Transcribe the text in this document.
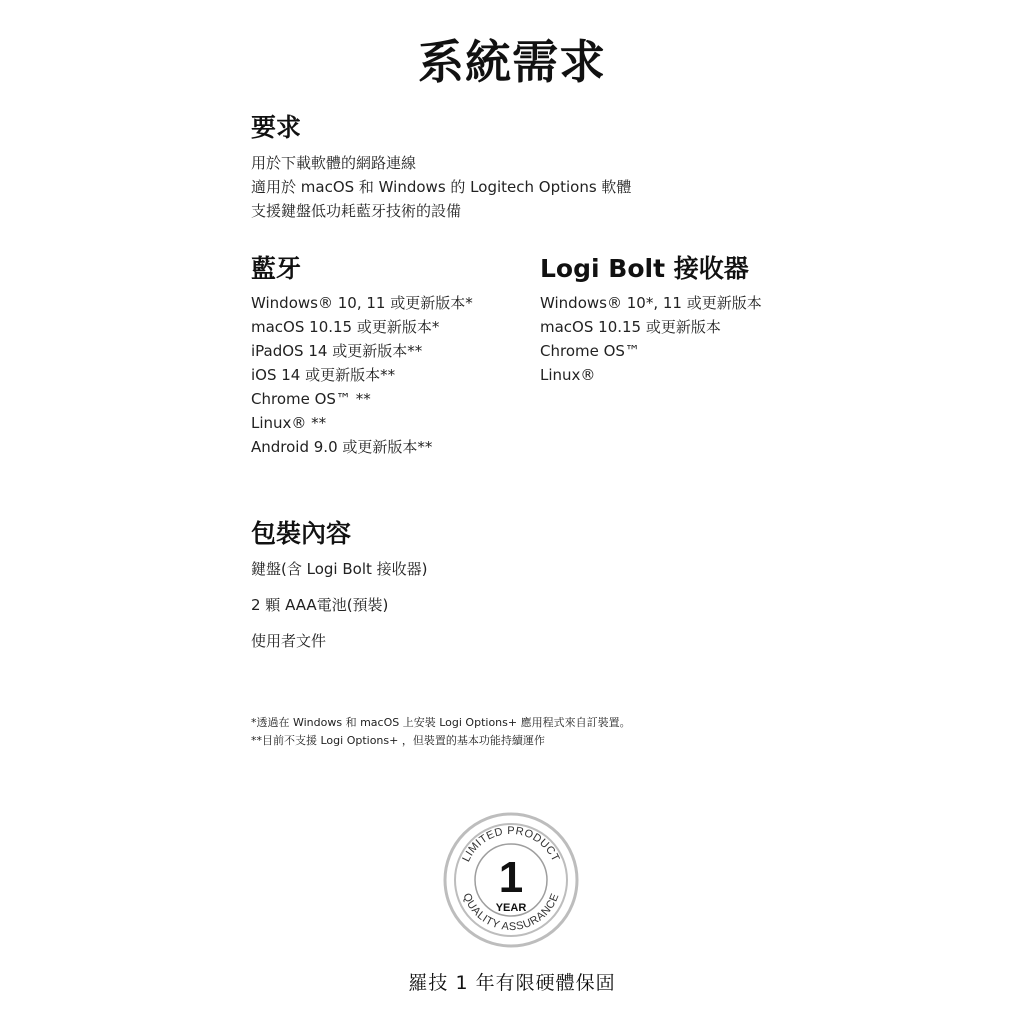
系統需求
要求
用於下載軟體的網路連線
適用於 macOS 和 Windows 的 Logitech Options 軟體
支援鍵盤低功耗藍牙技術的設備
藍牙
Windows® 10, 11 或更新版本*
macOS 10.15 或更新版本*
iPadOS 14 或更新版本**
iOS 14 或更新版本**
Chrome OS™ **
Linux® **
Android 9.0 或更新版本**
Logi Bolt 接收器
Windows® 10*, 11 或更新版本
macOS 10.15 或更新版本
Chrome OS™
Linux®
包裝內容
鍵盤(含 Logi Bolt 接收器)
2 顆 AAA電池(預裝)
使用者文件
*透過在 Windows 和 macOS 上安裝 Logi Options+ 應用程式來自訂裝置。
**目前不支援 Logi Options+ ，但裝置的基本功能持續運作
LIMITED PRODUCT
QUALITY ASSURANCE
1
YEAR

羅技 1 年有限硬體保固
